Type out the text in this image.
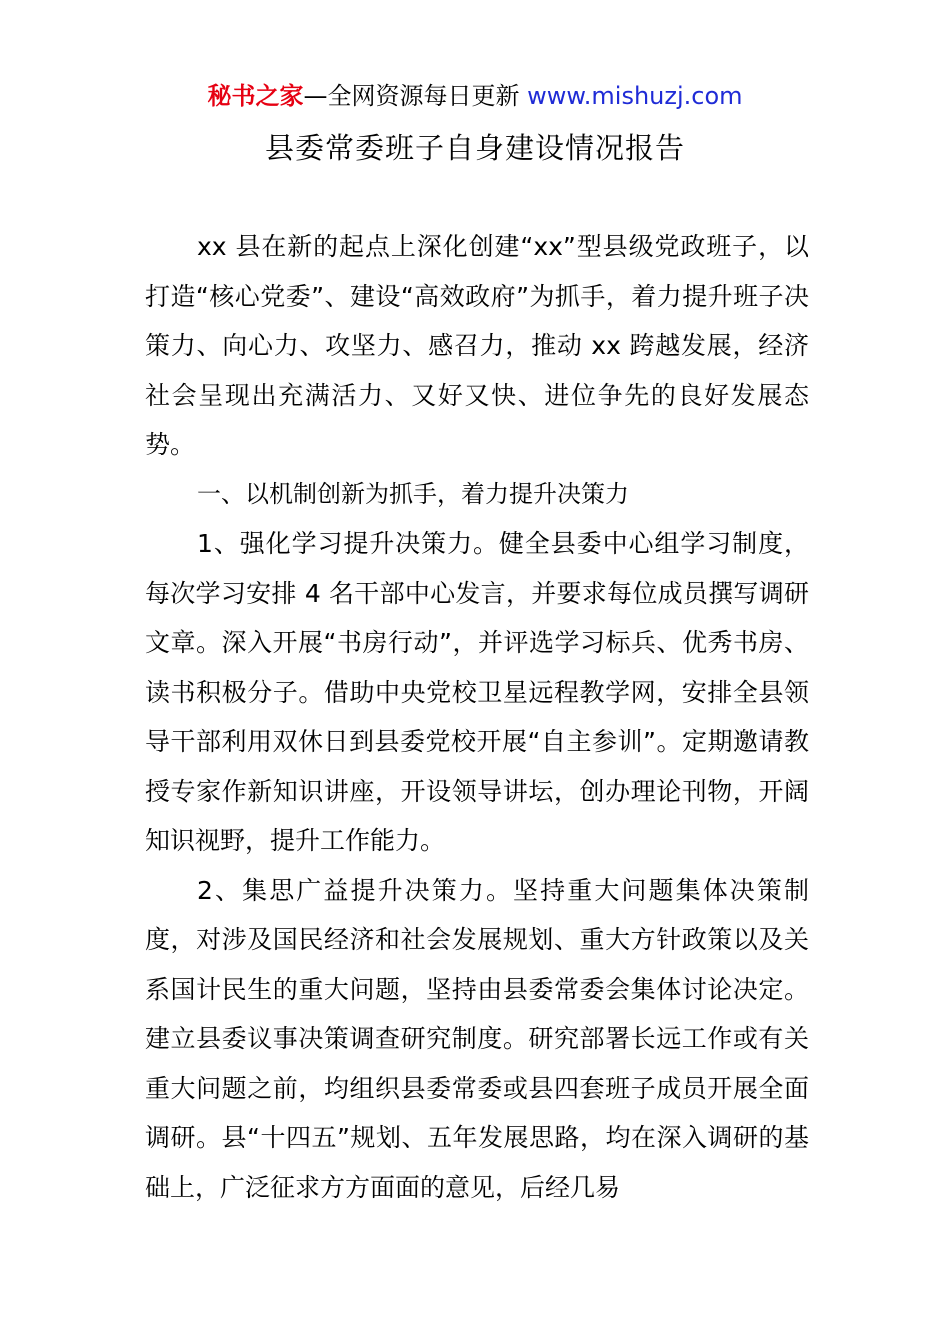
秘书之家—全网资源每日更新 www.mishuzj.com
县委常委班子自身建设情况报告

xx 县在新的起点上深化创建“xx”型县级党政班子，以打造“核心党委”、建设“高效政府”为抓手，着力提升班子决策力、向心力、攻坚力、感召力，推动 xx 跨越发展，经济社会呈现出充满活力、又好又快、进位争先的良好发展态势。

一、以机制创新为抓手，着力提升决策力

1、强化学习提升决策力。健全县委中心组学习制度，每次学习安排 4 名干部中心发言，并要求每位成员撰写调研文章。深入开展“书房行动”，并评选学习标兵、优秀书房、读书积极分子。借助中央党校卫星远程教学网，安排全县领导干部利用双休日到县委党校开展“自主参训”。定期邀请教授专家作新知识讲座，开设领导讲坛，创办理论刊物，开阔知识视野，提升工作能力。

2、集思广益提升决策力。坚持重大问题集体决策制度，对涉及国民经济和社会发展规划、重大方针政策以及关系国计民生的重大问题，坚持由县委常委会集体讨论决定。建立县委议事决策调查研究制度。研究部署长远工作或有关重大问题之前，均组织县委常委或县四套班子成员开展全面调研。县“十四五”规划、五年发展思路，均在深入调研的基础上，广泛征求方方面面的意见，后经几易
